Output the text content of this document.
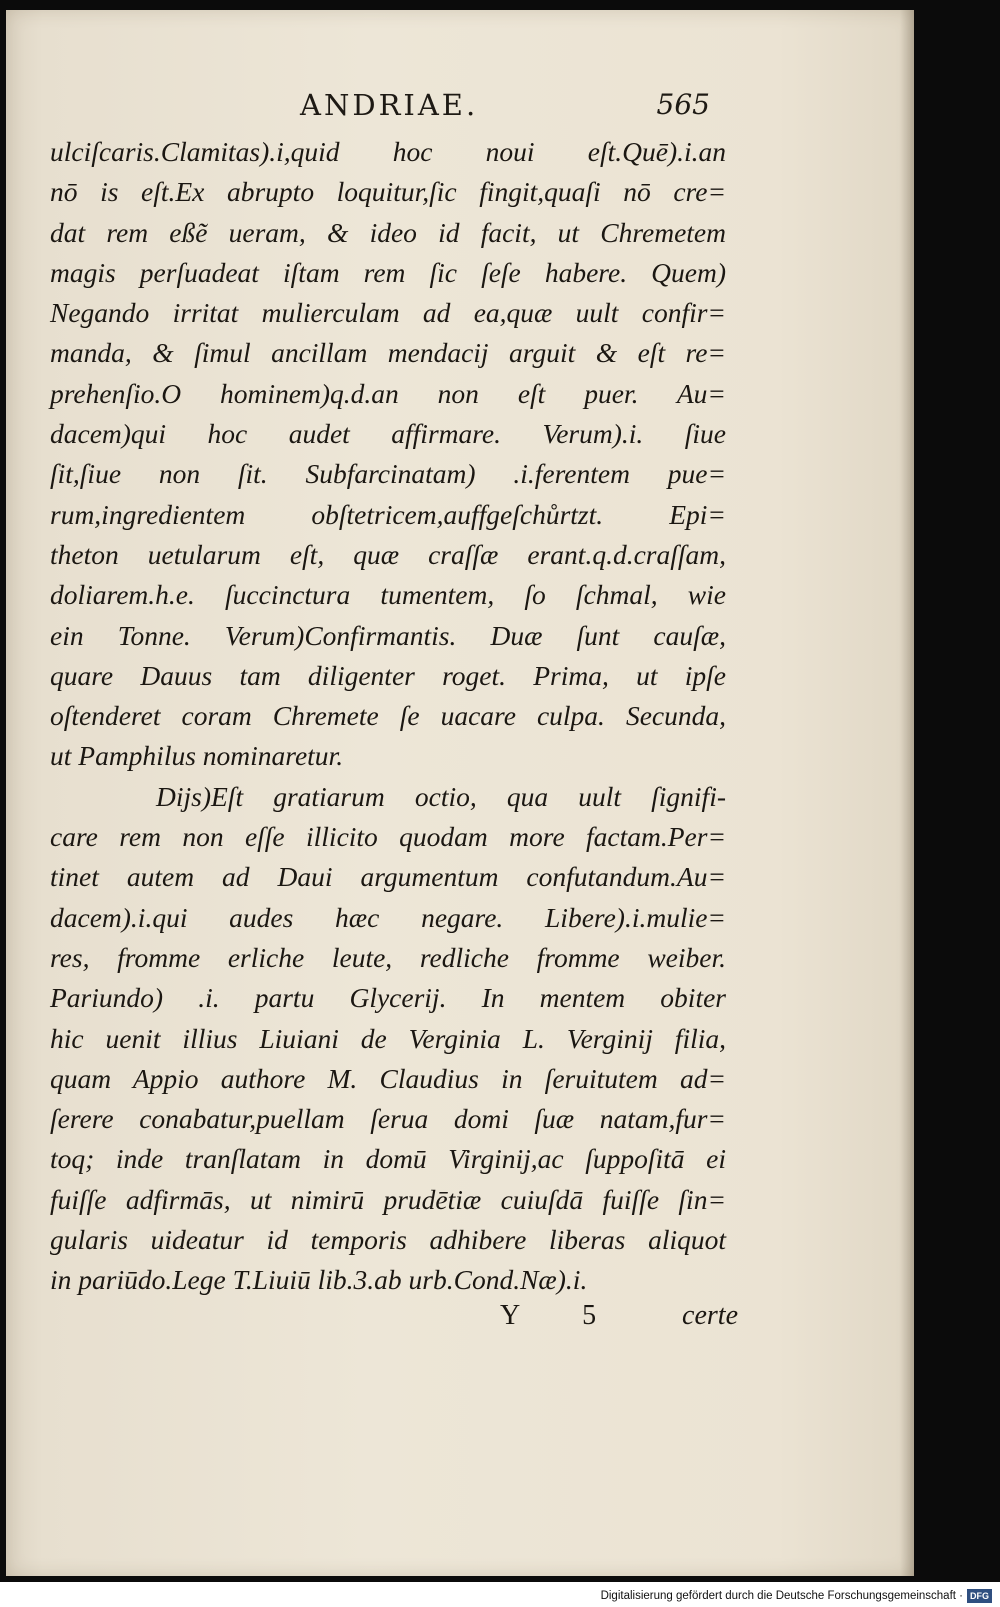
ANDRIAE.	565
ulciſcaris.Clamitas).i,quid hoc noui eſt.Quē).i.an
nō is eſt.Ex abrupto loquitur,ſic fingit,quaſi nō cre=
dat rem eßẽ ueram, & ideo id facit, ut Chremetem
magis perſuadeat iſtam rem ſic ſeſe habere. Quem)
Negando irritat mulierculam ad ea,quæ uult confir=
manda, & ſimul ancillam mendacij arguit & eſt re=
prehenſio.O hominem)q.d.an non eſt puer. Au=
dacem)qui hoc audet affirmare. Verum).i. ſiue
ſit,ſiue non ſit. Subfarcinatam) .i.ferentem pue=
rum,ingredientem obſtetricem,auffgeſchůrtzt. Epi=
theton uetularum eſt, quæ craſſæ erant.q.d.craſſam,
doliarem.h.e. ſuccinctura tumentem, ſo ſchmal, wie
ein Tonne. Verum)Confirmantis. Duæ ſunt cauſæ,
quare Dauus tam diligenter roget. Prima, ut ipſe
oſtenderet coram Chremete ſe uacare culpa. Secunda,
ut Pamphilus nominaretur.
Dijs)Eſt gratiarum octio, qua uult ſignifi-
care rem non eſſe illicito quodam more factam.Per=
tinet autem ad Daui argumentum confutandum.Au=
dacem).i.qui audes hæc negare. Libere).i.mulie=
res, fromme erliche leute, redliche fromme weiber.
Pariundo) .i. partu Glycerij. In mentem obiter
hic uenit illius Liuiani de Verginia L. Verginij filia,
quam Appio authore M. Claudius in ſeruitutem ad=
ſerere conabatur,puellam ſerua domi ſuæ natam,fur=
toq; inde tranſlatam in domū Virginij,ac ſuppoſitā ei
fuiſſe adfirmās, ut nimirū prudētiæ cuiuſdā fuiſſe ſin=
gularis uideatur id temporis adhibere liberas aliquot
in pariūdo.Lege T.Liuiū lib.3.ab urb.Cond.Næ).i.
Y 5 certe
Digitalisierung gefördert durch die Deutsche Forschungsgemeinschaft · DFG
